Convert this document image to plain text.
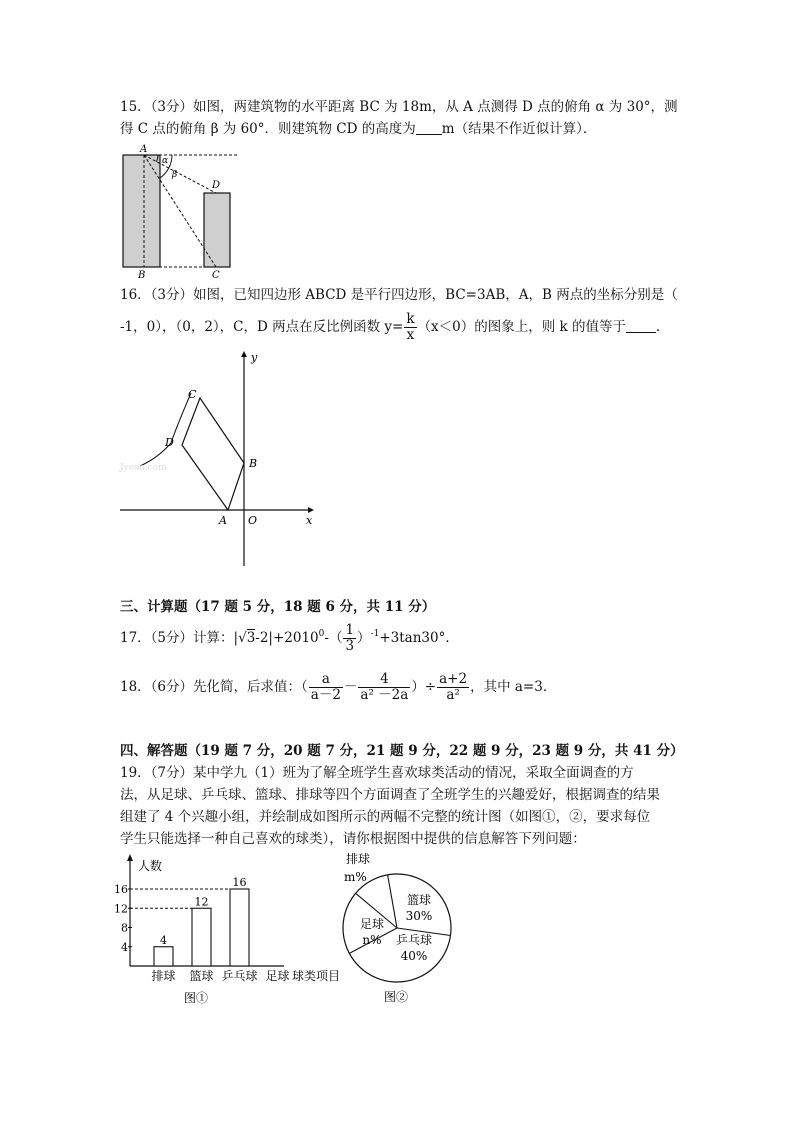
15．（3分）如图，两建筑物的水平距离 BC 为 18m，从 A 点测得 D 点的俯角 α 为 30°，测
得 C 点的俯角 β 为 60°．则建筑物 CD 的高度为 m（结果不作近似计算）．
A
α
β
D
B	C
16．（3分）如图，已知四边形 ABCD 是平行四边形，BC=3AB，A，B 两点的坐标分别是（
-1，0），（0，2），C，D 两点在反比例函数 $y= \frac{k}{x} (x<0)$的图象上，则 k 的值等于 ．
y
x
O
A
B
C
D
Jyeoo.com
三、计算题（17 题 5 分，18 题 6 分，共 11 分）
17．（5分）计算：$|√3-2|+2010^0-( \frac{1}{3} )^{-1}+3\tan 30^\circ$．
18．（6分）先化简，后求值：（ $\frac{a}{a-2} - \frac{4}{\text{a² －2a}}$ ）÷ $\frac{a+2}{\text{a²}}$ ，其中 a=3．
四、解答题（19 题 7 分，20 题 7 分，21 题 9 分，22 题 9 分，23 题 9 分，共 41 分）
19．（7分）某中学九（1）班为了解全班学生喜欢球类活动的情况，采取全面调查的方
法，从足球、乒乓球、篮球、排球等四个方面调查了全班学生的兴趣爱好，根据调查的结果
组建了 4 个兴趣小组，并绘制成如图所示的两幅不完整的统计图（如图①，②，要求每位
学生只能选择一种自己喜欢的球类），请你根据图中提供的信息解答下列问题：
人数
球类项目
图①
4
8
12
16
排球
4
篮球
12
乒乓球
16
足球
篮球
30%
乒乓球
40%
足球
n%
排球
m%
图②
